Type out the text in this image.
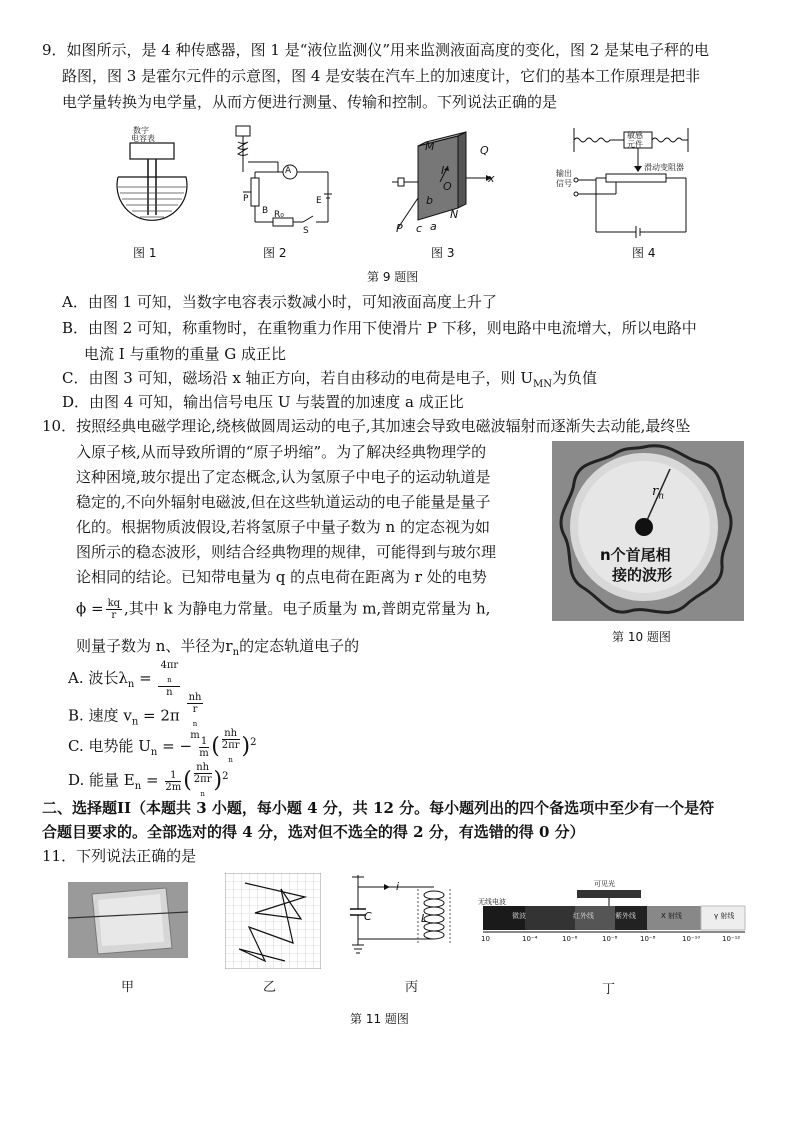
9．如图所示，是 4 种传感器，图 1 是“液位监测仪”用来监测液面高度的变化，图 2 是某电子秤的电
路图，图 3 是霍尔元件的示意图，图 4 是安装在汽车上的加速度计，它们的基本工作原理是把非
电学量转换为电学量，从而方便进行测量、传输和控制。下列说法正确的是
数字
电容表
图 1
A
P
B R₀
E
S
图 2
M	Q
I
O
x
b
N
P c a
图 3
敏感
元件
滑动变阻器
输出
信号
图 4
第 9 题图
A．由图 1 可知，当数字电容表示数减小时，可知液面高度上升了
B．由图 2 可知，称重物时，在重物重力作用下使滑片 P 下移，则电路中电流增大，所以电路中
电流 I 与重物的重量 G 成正比
C．由图 3 可知，磁场沿 x 轴正方向，若自由移动的电荷是电子，则 $U_{MN}$为负值
D．由图 4 可知，输出信号电压 U 与装置的加速度 a 成正比
10．按照经典电磁学理论,绕核做圆周运动的电子,其加速会导致电磁波辐射而逐渐失去动能,最终坠
入原子核,从而导致所谓的“原子坍缩”。为了解决经典物理学的
这种困境,玻尔提出了定态概念,认为氢原子中电子的运动轨道是
稳定的,不向外辐射电磁波,但在这些轨道运动的电子能量是量子
化的。根据物质波假设,若将氢原子中量子数为 n 的定态视为如
图所示的稳态波形，则结合经典物理的规律，可能得到与玻尔理
论相同的结论。已知带电量为 q 的点电荷在距离为 r 处的电势
$\phi = \frac{kq}{r}$ ,其中 k 为静电力常量。电子质量为 m,普朗克常量为 h,
则量子数为 n、半径为$r_n$的定态轨道电子的
$r_n$
n个首尾相
接的波形
第 10 题图
A. 波长$\lambda_n = 4\pi r$
$_n$
n
B. 速度 $v_n = 2\pi$ nh
r
$_n$
m
C. 电势能 $U_n$ = − $\frac{1}{m}$ ( nh
2πr
$_n$ )$^2$
D. 能量 $E_n = \frac{1}{2m}$ ( nh
2πr
$_n$ )$^2$
二、选择题II（本题共 3 小题，每小题 4 分，共 12 分。每小题列出的四个备选项中至少有一个是符
合题目要求的。全部选对的得 4 分，选对但不选全的得 2 分，有选错的得 0 分）
11．下列说法正确的是
甲	乙
C	L
i
丙
可见光
无线电波
微波	红外线	紫外线	X 射线	γ 射线
10	10⁻⁴	10⁻⁶	10⁻⁸	10⁻⁸	10⁻¹⁰	10⁻¹²
丁
第 11 题图
